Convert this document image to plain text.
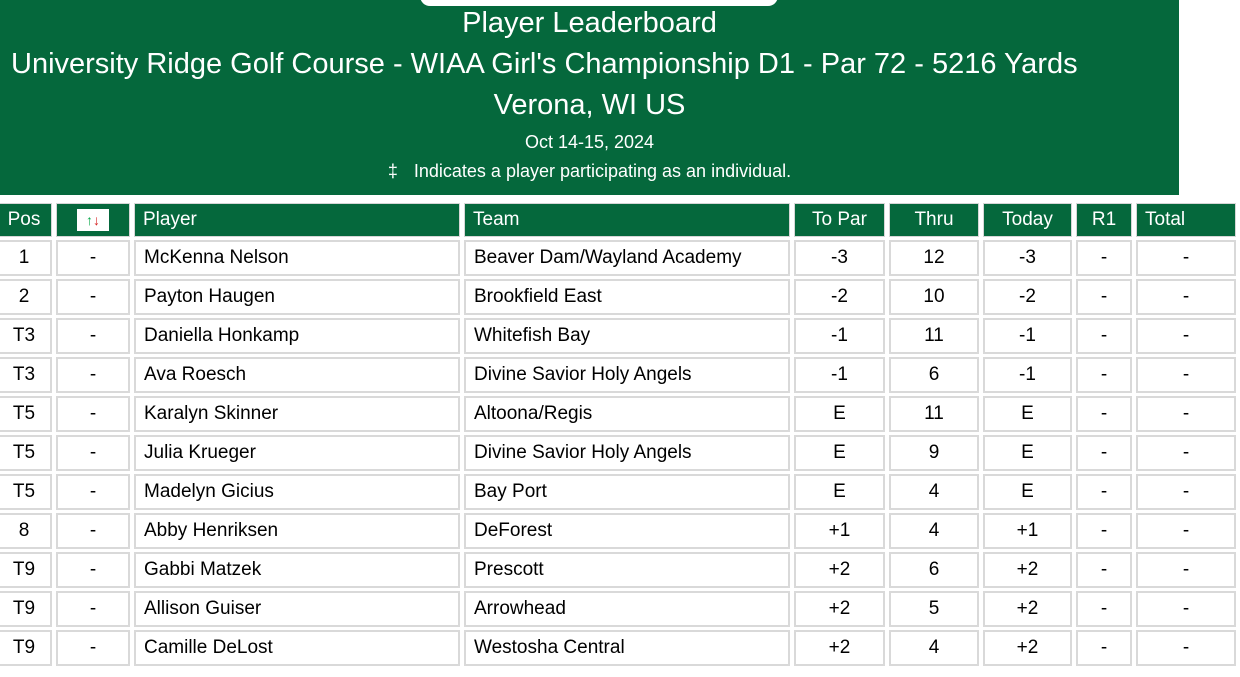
Player Leaderboard
University Ridge Golf Course - WIAA Girl's Championship D1 - Par 72 - 5216 Yards
Verona, WI US
Oct 14-15, 2024
‡ Indicates a player participating as an individual.
Pos	↑↓	Player	Team	To Par	Thru	Today	R1	Total
1	-	McKenna Nelson	Beaver Dam/Wayland Academy	-3	12	-3	-	-
2	-	Payton Haugen	Brookfield East	-2	10	-2	-	-
T3	-	Daniella Honkamp	Whitefish Bay	-1	11	-1	-	-
T3	-	Ava Roesch	Divine Savior Holy Angels	-1	6	-1	-	-
T5	-	Karalyn Skinner	Altoona/Regis	E	11	E	-	-
T5	-	Julia Krueger	Divine Savior Holy Angels	E	9	E	-	-
T5	-	Madelyn Gicius	Bay Port	E	4	E	-	-
8	-	Abby Henriksen	DeForest	+1	4	+1	-	-
T9	-	Gabbi Matzek	Prescott	+2	6	+2	-	-
T9	-	Allison Guiser	Arrowhead	+2	5	+2	-	-
T9	-	Camille DeLost	Westosha Central	+2	4	+2	-	-
